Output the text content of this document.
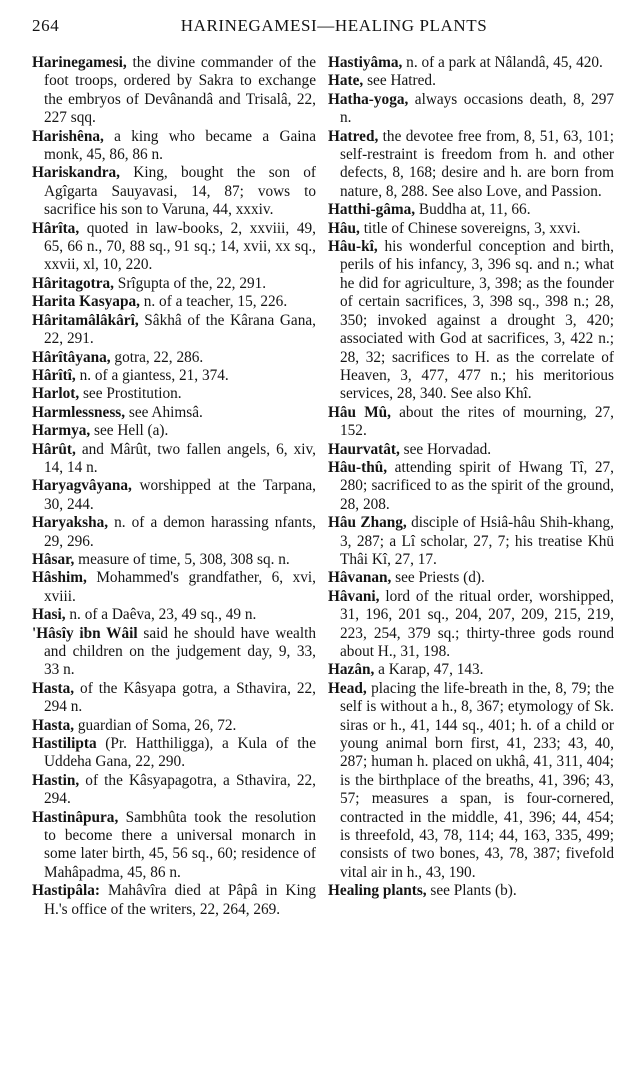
264	HARIΝEGAMESI—HEALING PLANTS

Harinegamesi, the divine commander of the foot troops, ordered by Sakra to exchange the embryos of Devânandâ and Trisalâ, 22, 227 sqq.

Harishêna, a king who became a Gaina monk, 45, 86, 86 n.

Hariskandra, King, bought the son of Agîgarta Sauyavasi, 14, 87; vows to sacrifice his son to Varuna, 44, xxxiv.

Hârîta, quoted in law-books, 2, xxviii, 49, 65, 66 n., 70, 88 sq., 91 sq.; 14, xvii, xx sq., xxvii, xl, 10, 220.

Hâritagotra, Srîgupta of the, 22, 291.

Harita Kasyapa, n. of a teacher, 15, 226.

Hâritamâlâkârî, Sâkhâ of the Kârana Gana, 22, 291.

Hârîtâyana, gotra, 22, 286.

Hârîtî, n. of a giantess, 21, 374.

Harlot, see Prostitution.

Harmlessness, see Ahimsâ.

Harmya, see Hell (a).

Hârût, and Mârût, two fallen angels, 6, xiv, 14, 14 n.

Haryagvâyana, worshipped at the Tarpana, 30, 244.

Haryaksha, n. of a demon harassing nfants, 29, 296.

Hâsar, measure of time, 5, 308, 308 sq. n.

Hâshim, Mohammed's grandfather, 6, xvi, xviii.

Hasi, n. of a Daêva, 23, 49 sq., 49 n.

'Hâsîy ibn Wâil said he should have wealth and children on the judgement day, 9, 33, 33 n.

Hasta, of the Kâsyapa gotra, a Sthavira, 22, 294 n.

Hasta, guardian of Soma, 26, 72.

Hastilipta (Pr. Hatthiligga), a Kula of the Uddeha Gana, 22, 290.

Hastin, of the Kâsyapagotra, a Sthavira, 22, 294.

Hastinâpura, Sambhûta took the resolution to become there a universal monarch in some later birth, 45, 56 sq., 60; residence of Mahâpadma, 45, 86 n.

Hastipâla: Mahâvîra died at Pâpâ in King H.'s office of the writers, 22, 264, 269.

Hastiyâma, n. of a park at Nâlandâ, 45, 420.

Hate, see Hatred.

Hatha-yoga, always occasions death, 8, 297 n.

Hatred, the devotee free from, 8, 51, 63, 101; self-restraint is freedom from h. and other defects, 8, 168; desire and h. are born from nature, 8, 288. See also Love, and Passion.

Hatthi-gâma, Buddha at, 11, 66.

Hâu, title of Chinese sovereigns, 3, xxvi.

Hâu-kî, his wonderful conception and birth, perils of his infancy, 3, 396 sq. and n.; what he did for agriculture, 3, 398; as the founder of certain sacrifices, 3, 398 sq., 398 n.; 28, 350; invoked against a drought 3, 420; associated with God at sacrifices, 3, 422 n.; 28, 32; sacrifices to H. as the correlate of Heaven, 3, 477, 477 n.; his meritorious services, 28, 340. See also Khî.

Hâu Mû, about the rites of mourning, 27, 152.

Haurvatât, see Horvadad.

Hâu-thû, attending spirit of Hwang Tî, 27, 280; sacrificed to as the spirit of the ground, 28, 208.

Hâu Zhang, disciple of Hsiâ-hâu Shih-khang, 3, 287; a Lî scholar, 27, 7; his treatise Khü Thâi Kî, 27, 17.

Hâvanan, see Priests (d).

Hâvani, lord of the ritual order, worshipped, 31, 196, 201 sq., 204, 207, 209, 215, 219, 223, 254, 379 sq.; thirty-three gods round about H., 31, 198.

Hazân, a Karap, 47, 143.

Head, placing the life-breath in the, 8, 79; the self is without a h., 8, 367; etymology of Sk. siras or h., 41, 144 sq., 401; h. of a child or young animal born first, 41, 233; 43, 40, 287; human h. placed on ukhâ, 41, 311, 404; is the birthplace of the breaths, 41, 396; 43, 57; measures a span, is four-cornered, contracted in the middle, 41, 396; 44, 454; is threefold, 43, 78, 114; 44, 163, 335, 499; consists of two bones, 43, 78, 387; fivefold vital air in h., 43, 190.

Healing plants, see Plants (b).
